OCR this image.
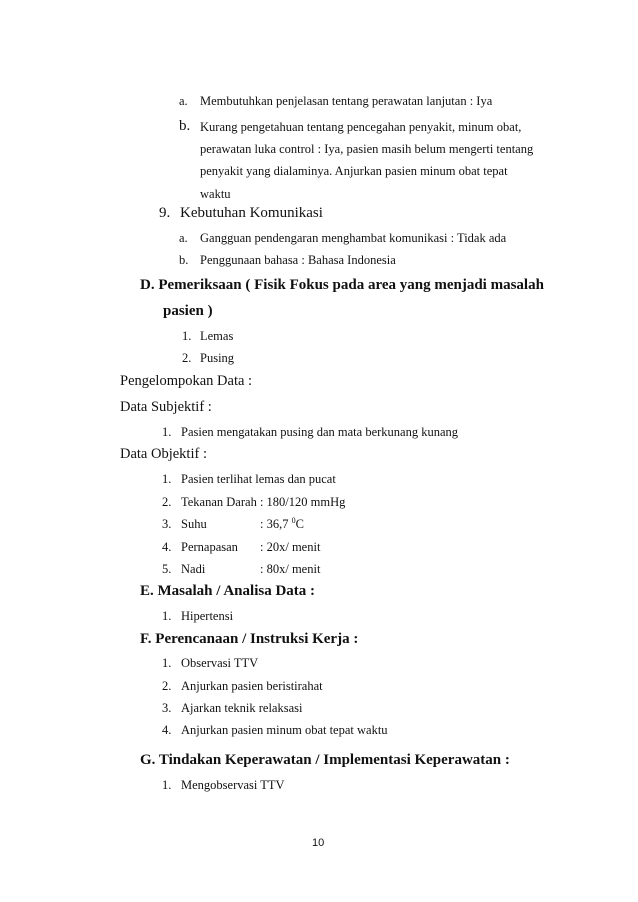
a. Membutuhkan penjelasan tentang perawatan lanjutan : Iya
b. Kurang pengetahuan tentang pencegahan penyakit, minum obat,
perawatan luka control : Iya, pasien masih belum mengerti tentang
penyakit yang dialaminya. Anjurkan pasien minum obat tepat
waktu
9. Kebutuhan Komunikasi
a. Gangguan pendengaran menghambat komunikasi : Tidak ada
b. Penggunaan bahasa : Bahasa Indonesia
D. Pemeriksaan ( Fisik Fokus pada area yang menjadi masalah
pasien )
1. Lemas
2. Pusing
Pengelompokan Data :
Data Subjektif :
1. Pasien mengatakan pusing dan mata berkunang kunang
Data Objektif :
1. Pasien terlihat lemas dan pucat
2. Tekanan Darah : 180/120 mmHg
3. Suhu	: 36,7 $^0$C
4. Pernapasan : 20x/ menit
5. Nadi	: 80x/ menit
E. Masalah / Analisa Data :
1. Hipertensi
F. Perencanaan / Instruksi Kerja :
1. Observasi TTV
2. Anjurkan pasien beristirahat
3. Ajarkan teknik relaksasi
4. Anjurkan pasien minum obat tepat waktu
G. Tindakan Keperawatan / Implementasi Keperawatan :
1. Mengobservasi TTV
10
